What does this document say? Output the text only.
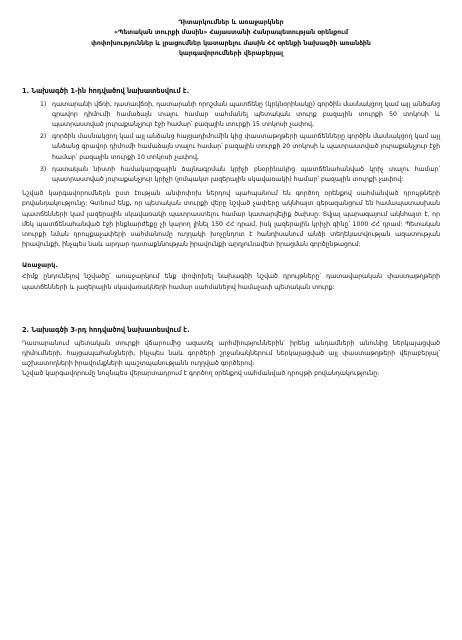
Դիտարկումներ և առաջարկներ
«Պետական տուրքի մասին» Հայաստանի Հանրապետության օրենքում
փոփոխություններ և լրացումներ կատարելու մասին ՀՀ օրենքի նախագծի առանձին
կարգավորումների վերաբերյալ
1. Նախագծի 1-ին հոդվածով նախատեսվում է.
1) դատարանի վճռի, դատավճռի, դատարանի որոշման պատճենը (կրկնօրինակը) գործին մասնակցող կամ այլ անձանց գրավոր դիմումի համաձայն տալու համար սահմանել պետական տուրք բազային տուրքի 50 տոկոսի և պատրաստված յուրաքանչյուր էջի համար՝ բազային տուրքի 15 տոկոսի չափով,
2) գործին մասնակցող կամ այլ անձանց հայցադիմումին կից փաստաթղթերի պատճենները գործին մասնակցող կամ այլ անձանց գրավոր դիմումի համաձայն տալու համար՝ բազային տուրքի 20 տոկոսի և պատրաստված յուրաքանչյուր էջի համար՝ բազային տուրքի 10 տոկոսի չափով,
3) դատական նիստի համակարգչային ձայնագրման կրիչի բնօրինակից պատճենահանված կրիչ տալու համար՝ պատրաստված յուրաքանչյուր կրիչի (լոմպակտ լազերային սկավառակի) համար՝ բազային տուրքի չափով:
Նշված կարգավորումներն ըստ էության անփոփոխ ներդով պահպանում են գործող օրենքով սահմանված դրույթների բովանդակությունը: Գտնում ենք, որ պետական տուրքի վերը նշված չափերը ակնհայտ գերազանցում են համապատասխան պատճենների կամ լազերային սկավառակի պատրաստելու համար կատարվելիք ծախսը: Տվյալ պարագայում ակնհայտ է, որ մեկ պատճենահանված էջի ինքնարժեքը չի կարող լինել 150 ՀՀ դրամ, իսկ լազերային կրիչի գինը՝ 1000 ՀՀ դրամ: Պետական տուրքի նման դրույքաչափերի սահմանումը ուղղակի խոչընդոտ է հանդիսանում անձի տեղեկատվության ազատության իրավունքի, ինչպես նաև արդար դատաքննության իրավունքի արդյունավետ իրացման գործընթացում:
Առաջարկ.
Հիմք ընդունելով նշվածը՝ առաջարկում ենք փոփոխել նախագծի նշված դրույթները՝ դատավարական փաստաթղթերի պատճենների և լազերային սկավառակների համար սահմանելով համաչափ պետական տուրք:
2. Նախագծի 3-րդ հոդվածով նախատեսվում է.
Դատարանում պետական տուրքի վճարումից ազատել արհմիություններին՝ իրենց անդամների անունից ներկայացված դիմումների, հայցապահանջների, ինչպես նաև գործերի շրջանակներում ներկայացված այլ փաստաթղթերի վերաբերյալ՝ աշխատողների իրավունքների պաշտպանությանն ուղղված գործերով։
Նշված կարգավորումը նույնպես վերարտադրում է գործող օրենքով սահմանված դրույթի բովանդակությունը:
